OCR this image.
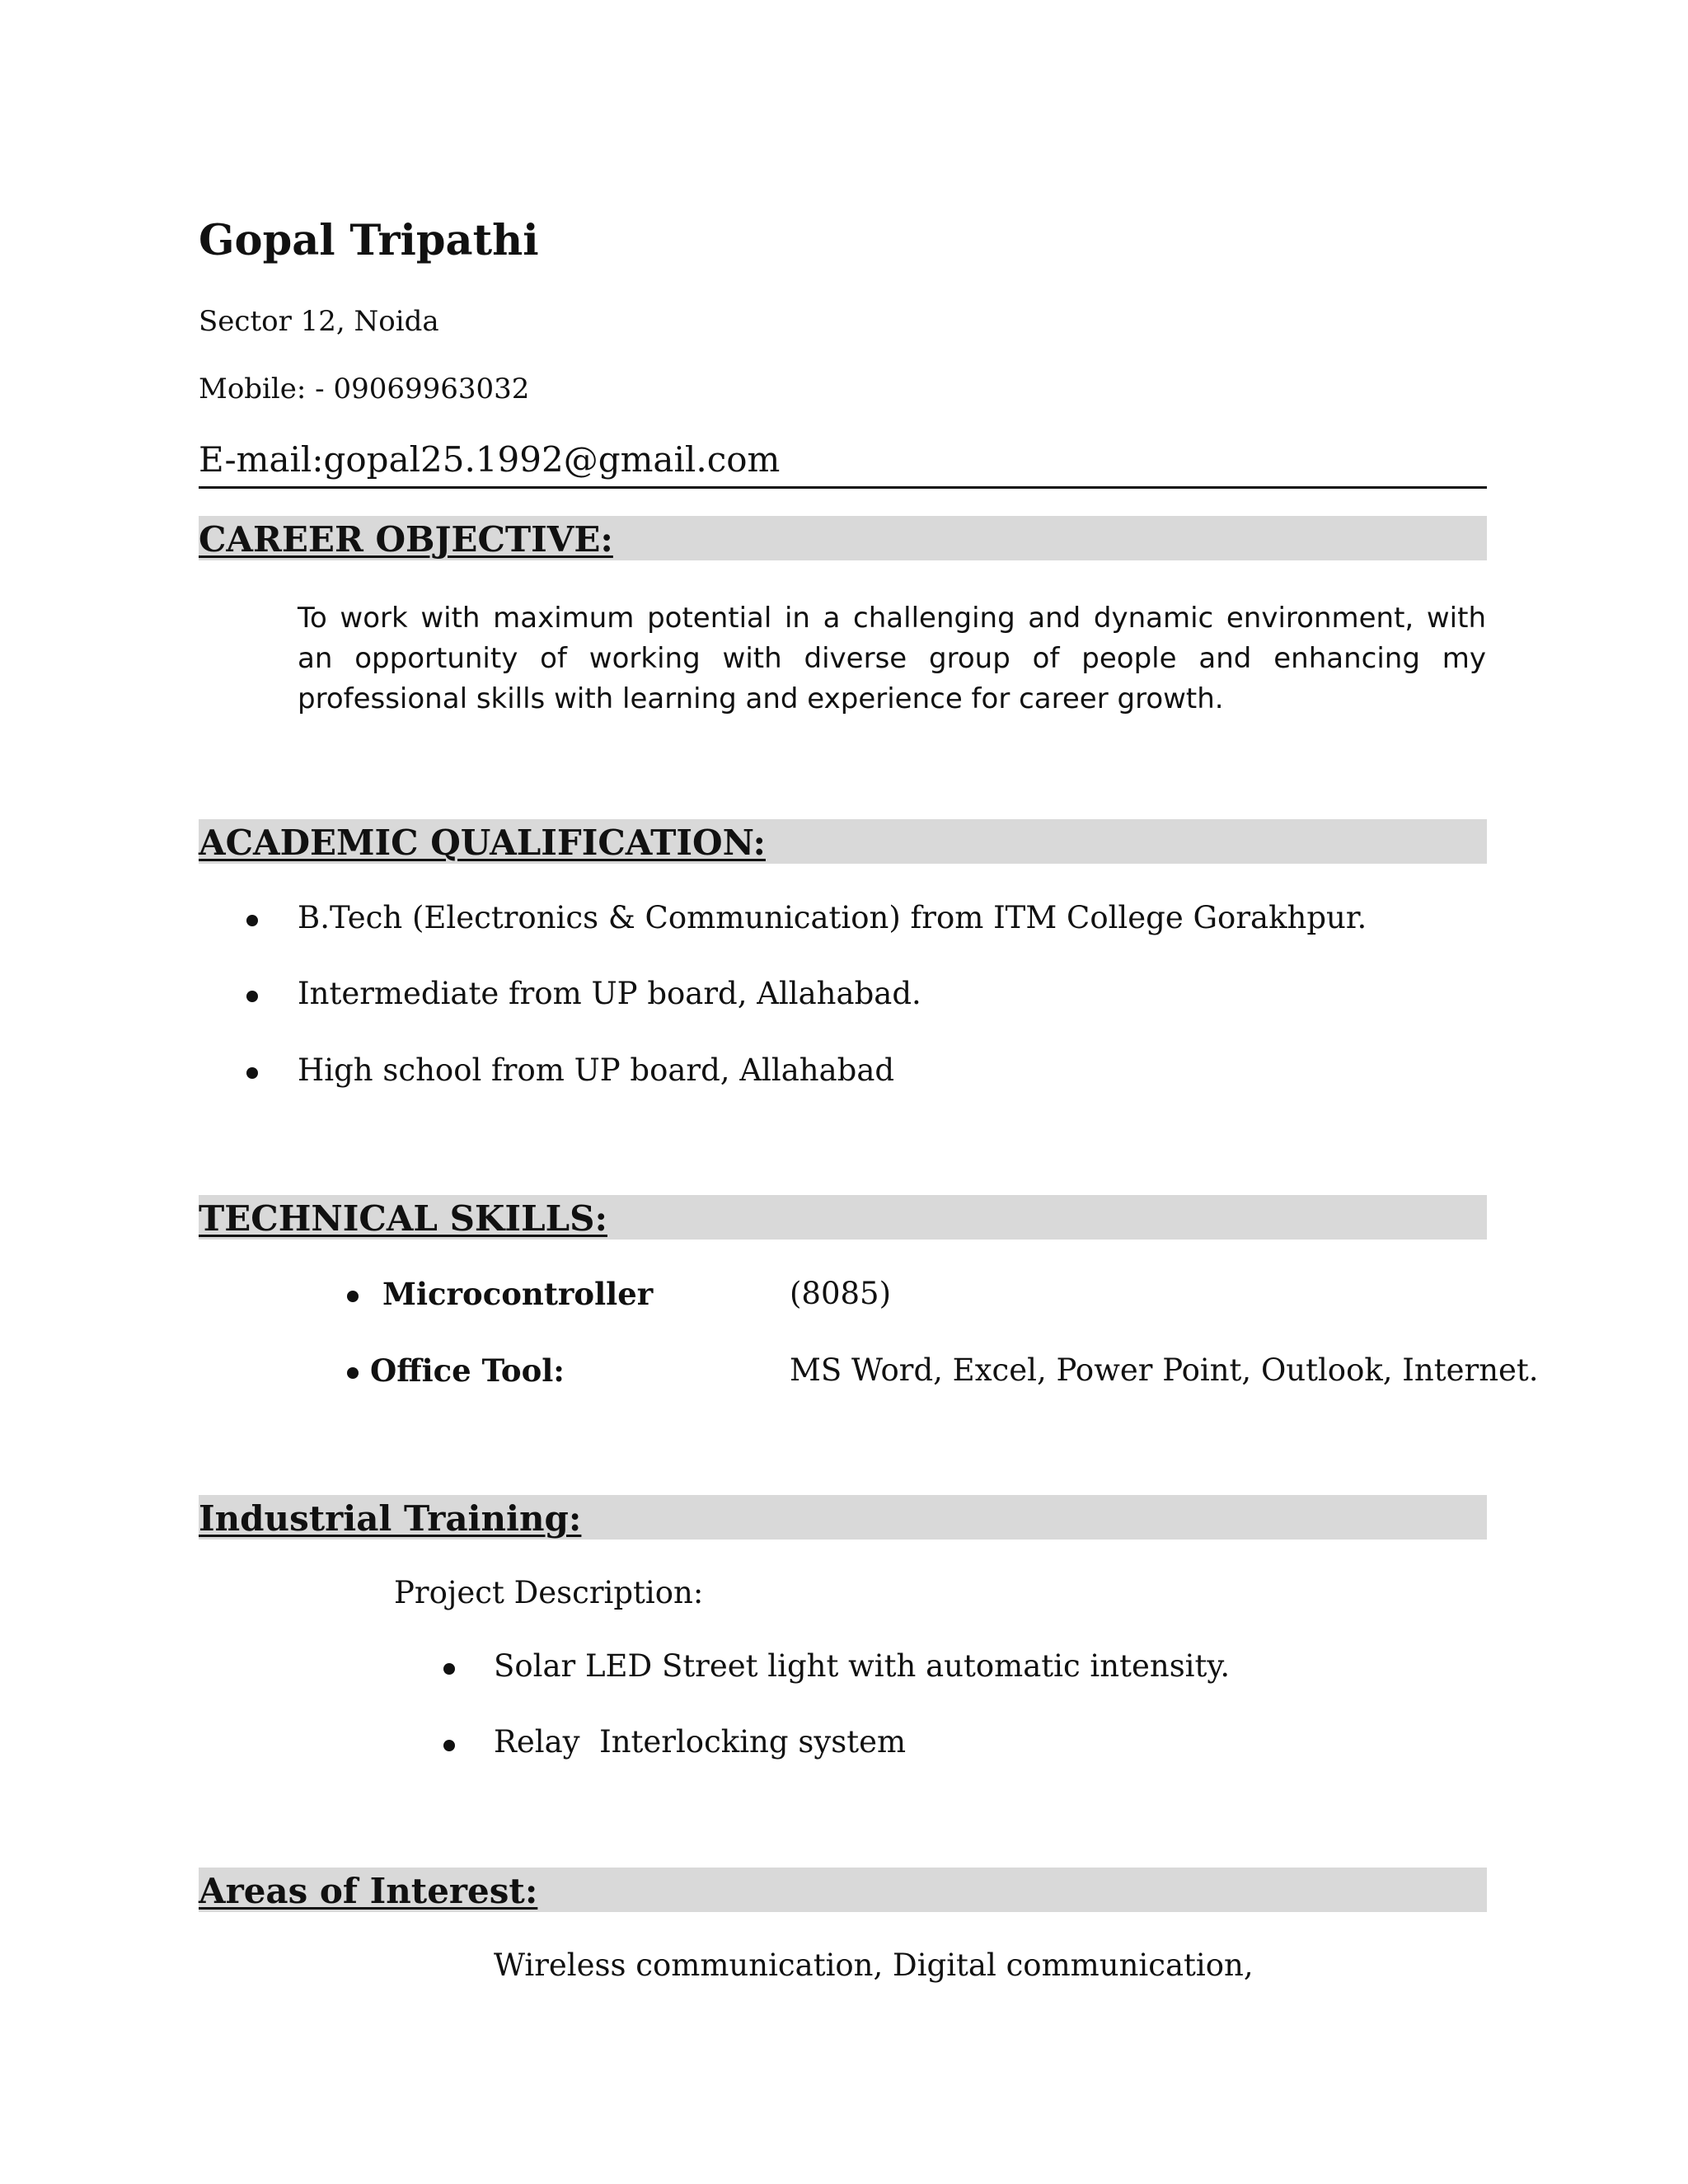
Gopal Tripathi
Sector 12, Noida
Mobile: - 09069963032
E-mail:gopal25.1992@gmail.com
CAREER OBJECTIVE:
To work with maximum potential in a challenging and dynamic environment, with an opportunity of working with diverse group of people and enhancing my professional skills with learning and experience for career growth.
ACADEMIC QUALIFICATION:
B.Tech (Electronics & Communication) from ITM College Gorakhpur.
Intermediate from UP board, Allahabad.
High school from UP board, Allahabad
TECHNICAL SKILLS:
Microcontroller	(8085)
Office Tool:	MS Word, Excel, Power Point, Outlook, Internet.
Industrial Training:
Project Description:
Solar LED Street light with automatic intensity.
Relay  Interlocking system
Areas of Interest:
Wireless communication, Digital communication,
